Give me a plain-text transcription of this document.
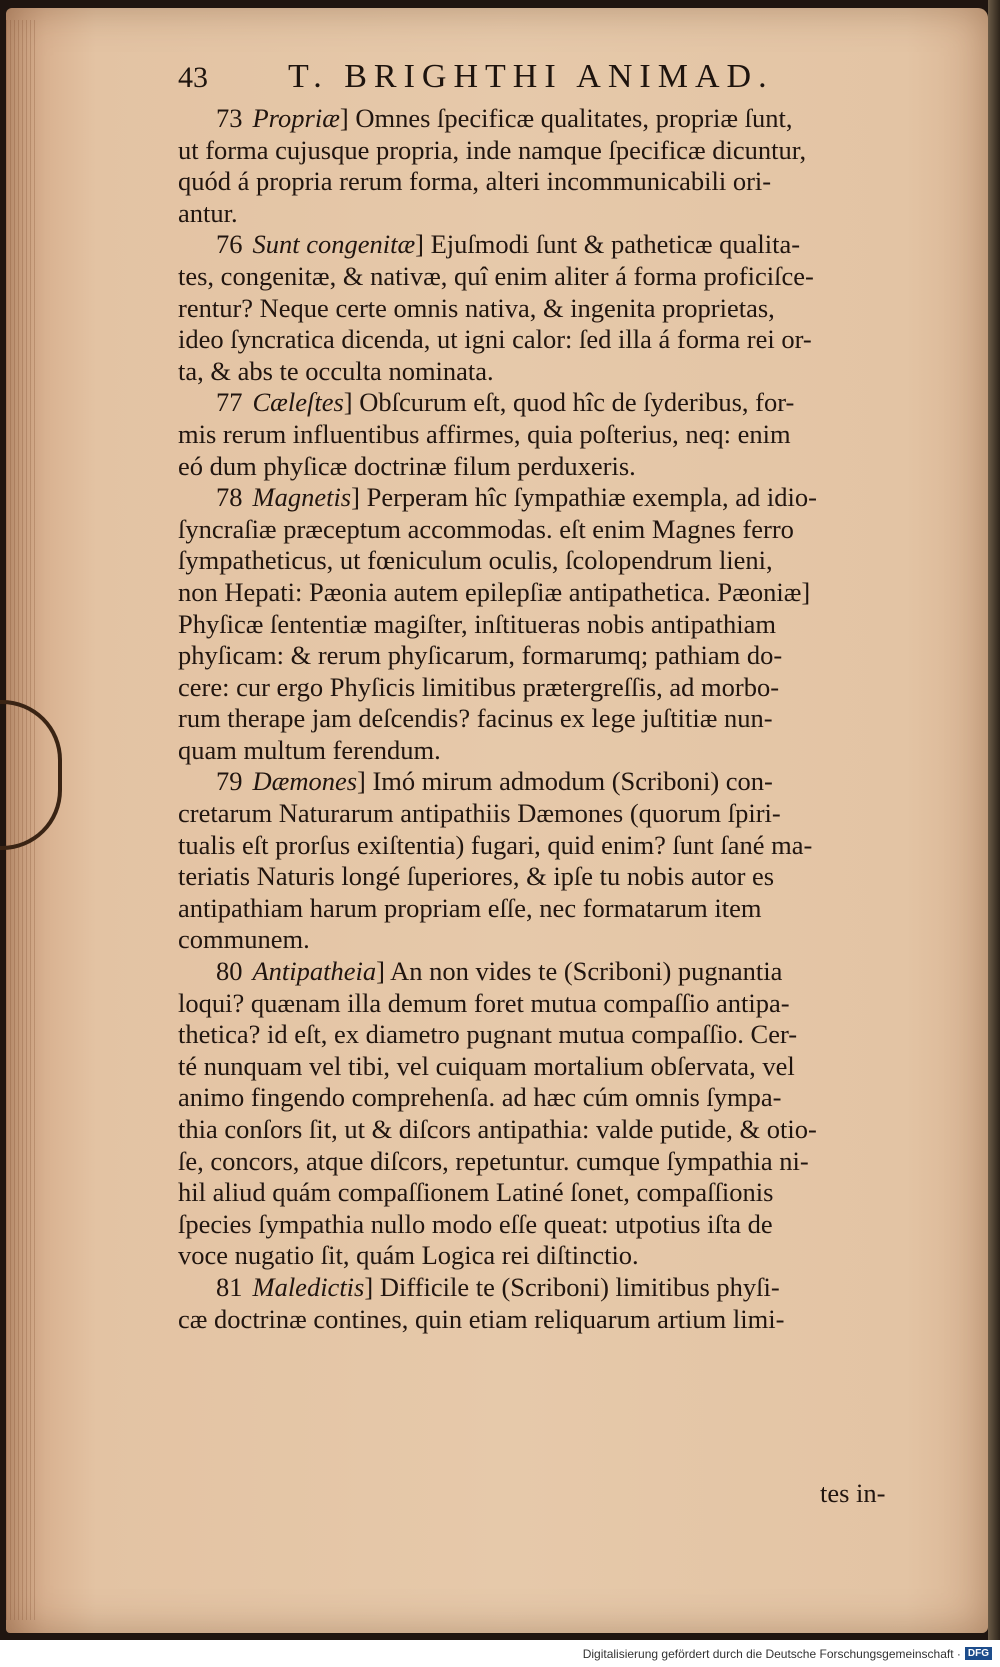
43	T. BRIGHTHI ANIMAD.
73 Propriæ] Omnes ſpecificæ qualitates, propriæ ſunt,
ut forma cujusque propria, inde namque ſpecificæ dicuntur,
quód á propria rerum forma, alteri incommunicabili ori-
antur.
76 Sunt congenitæ] Ejuſmodi ſunt & patheticæ qualita-
tes, congenitæ, & nativæ, quî enim aliter á forma proficiſce-
rentur? Neque certe omnis nativa, & ingenita proprietas,
ideo ſyncratica dicenda, ut igni calor: ſed illa á forma rei or-
ta, & abs te occulta nominata.
77 Cæleſtes] Obſcurum eſt, quod hîc de ſyderibus, for-
mis rerum influentibus affirmes, quia poſterius, neq: enim
eó dum phyſicæ doctrinæ filum perduxeris.
78 Magnetis] Perperam hîc ſympathiæ exempla, ad idio-
ſyncraſiæ præceptum accommodas. eſt enim Magnes ferro
ſympatheticus, ut fœniculum oculis, ſcolopendrum lieni,
non Hepati: Pæonia autem epilepſiæ antipathetica. Pæoniæ]
Phyſicæ ſententiæ magiſter, inſtitueras nobis antipathiam
phyſicam: & rerum phyſicarum, formarumq; pathiam do-
cere: cur ergo Phyſicis limitibus prætergreſſis, ad morbo-
rum therape jam deſcendis? facinus ex lege juſtitiæ nun-
quam multum ferendum.
79 Dæmones] Imó mirum admodum (Scriboni) con-
cretarum Naturarum antipathiis Dæmones (quorum ſpiri-
tualis eſt prorſus exiſtentia) fugari, quid enim? ſunt ſané ma-
teriatis Naturis longé ſuperiores, & ipſe tu nobis autor es
antipathiam harum propriam eſſe, nec formatarum item
communem.
80 Antipatheia] An non vides te (Scriboni) pugnantia
loqui? quænam illa demum foret mutua compaſſio antipa-
thetica? id eſt, ex diametro pugnant mutua compaſſio. Cer-
té nunquam vel tibi, vel cuiquam mortalium obſervata, vel
animo fingendo comprehenſa. ad hæc cúm omnis ſympa-
thia conſors ſit, ut & diſcors antipathia: valde putide, & otio-
ſe, concors, atque diſcors, repetuntur. cumque ſympathia ni-
hil aliud quám compaſſionem Latiné ſonet, compaſſionis
ſpecies ſympathia nullo modo eſſe queat: utpotius iſta de
voce nugatio ſit, quám Logica rei diſtinctio.
81 Maledictis] Difficile te (Scriboni) limitibus phyſi-
cæ doctrinæ contines, quin etiam reliquarum artium limi-
tes in-
Digitalisierung gefördert durch die Deutsche Forschungsgemeinschaft · DFG
